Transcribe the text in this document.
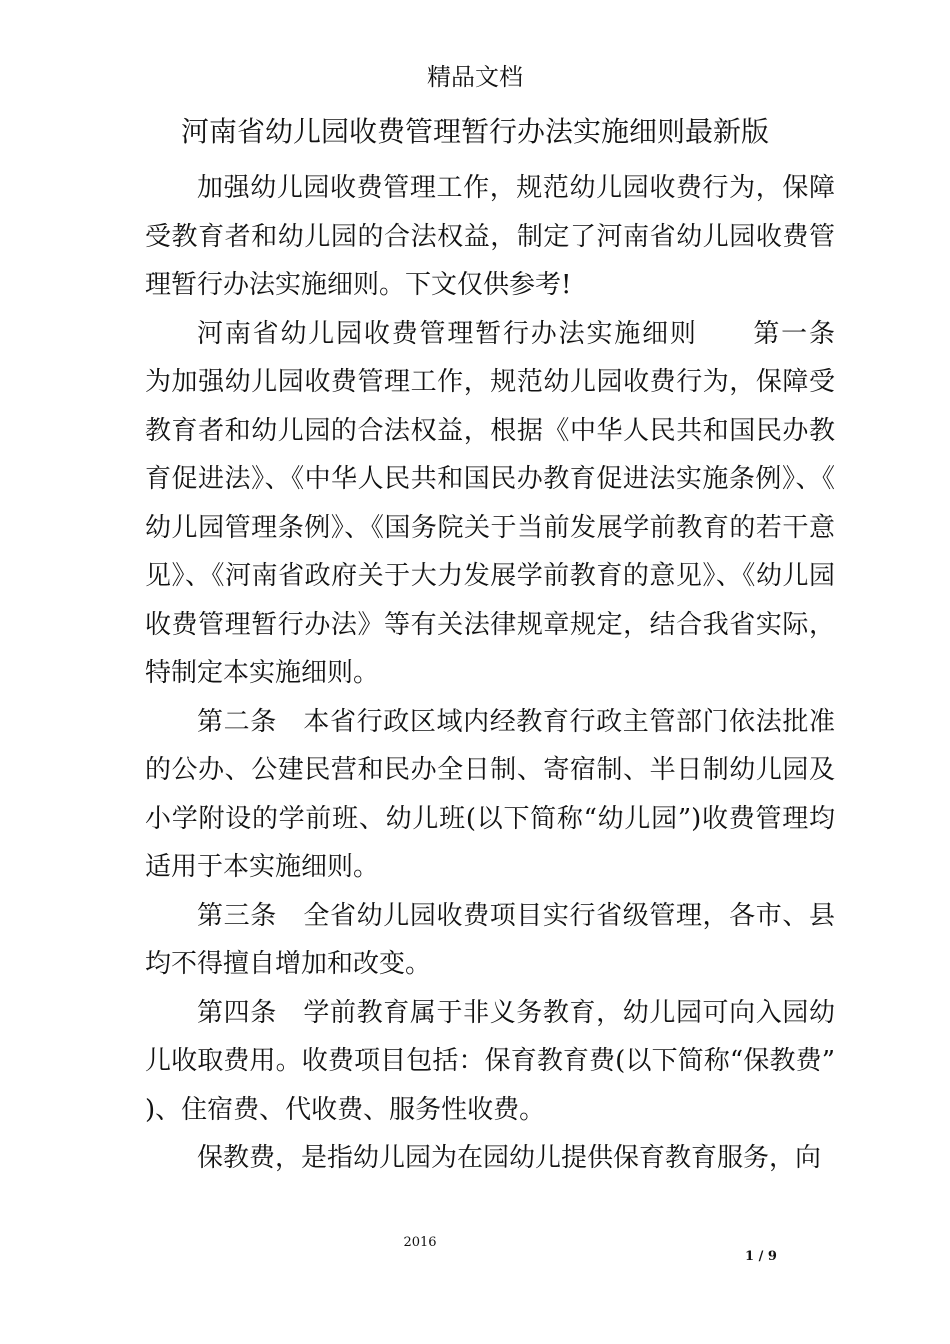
精品文档
河南省幼儿园收费管理暂行办法实施细则最新版

加强幼儿园收费管理工作，规范幼儿园收费行为，保障受教育者和幼儿园的合法权益，制定了河南省幼儿园收费管理暂行办法实施细则。下文仅供参考!

河南省幼儿园收费管理暂行办法实施细则　　第一条　为加强幼儿园收费管理工作，规范幼儿园收费行为，保障受教育者和幼儿园的合法权益，根据《中华人民共和国民办教育促进法》、《中华人民共和国民办教育促进法实施条例》、《幼儿园管理条例》、《国务院关于当前发展学前教育的若干意见》、《河南省政府关于大力发展学前教育的意见》、《幼儿园收费管理暂行办法》等有关法律规章规定，结合我省实际，特制定本实施细则。

第二条　本省行政区域内经教育行政主管部门依法批准的公办、公建民营和民办全日制、寄宿制、半日制幼儿园及小学附设的学前班、幼儿班(以下简称“幼儿园”)收费管理均适用于本实施细则。

第三条　全省幼儿园收费项目实行省级管理，各市、县均不得擅自增加和改变。

第四条　学前教育属于非义务教育，幼儿园可向入园幼儿收取费用。收费项目包括：保育教育费(以下简称“保教费”)、住宿费、代收费、服务性收费。

保教费，是指幼儿园为在园幼儿提供保育教育服务，向

2016
1 / 9
